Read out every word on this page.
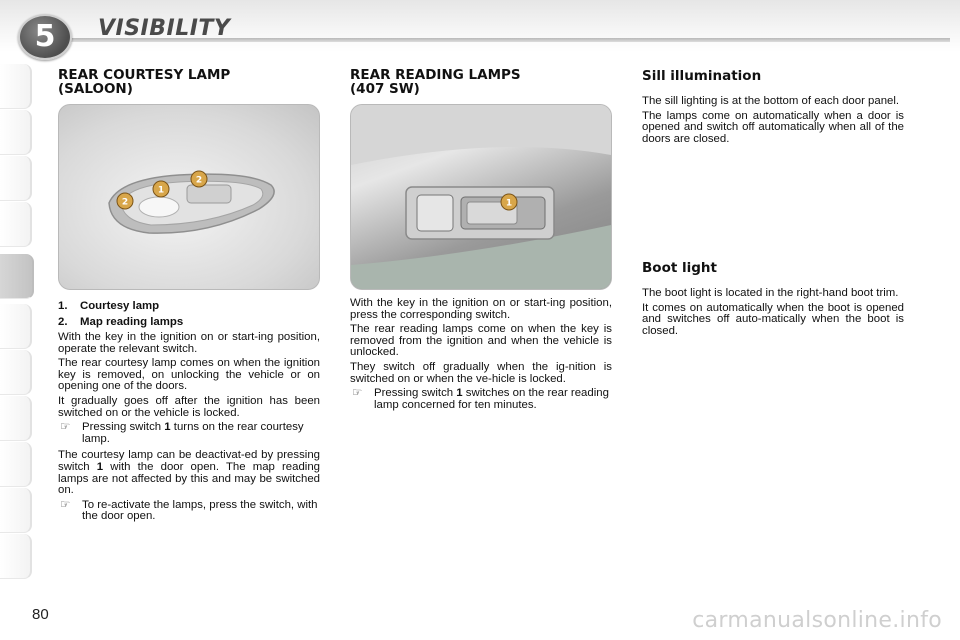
5	VISIBILITY
REAR COURTESY LAMP
(SALOON)
2
1
2
1. Courtesy lamp
2. Map reading lamps

With the key in the ignition on or start-ing position, operate the relevant switch.

The rear courtesy lamp comes on when the ignition key is removed, on unlocking the vehicle or on opening one of the doors.

It gradually goes off after the ignition has been switched on or the vehicle is locked.

☞	Pressing switch 1 turns on the rear courtesy lamp.

The courtesy lamp can be deactivat-ed by pressing switch 1 with the door open. The map reading lamps are not affected by this and may be switched on.

☞	To re-activate the lamps, press the switch, with the door open.
REAR READING LAMPS
(407 SW)
1

With the key in the ignition on or start-ing position, press the corresponding switch.

The rear reading lamps come on when the key is removed from the ignition and when the vehicle is unlocked.

They switch off gradually when the ig-nition is switched on or when the ve-hicle is locked.

☞	Pressing switch 1 switches on the rear reading lamp concerned for ten minutes.
Sill illumination

The sill lighting is at the bottom of each door panel.

The lamps come on automatically when a door is opened and switch off automatically when all of the doors are closed.

Boot light

The boot light is located in the right-hand boot trim.

It comes on automatically when the boot is opened and switches off auto-matically when the boot is closed.

80	carmanualsonline.info
